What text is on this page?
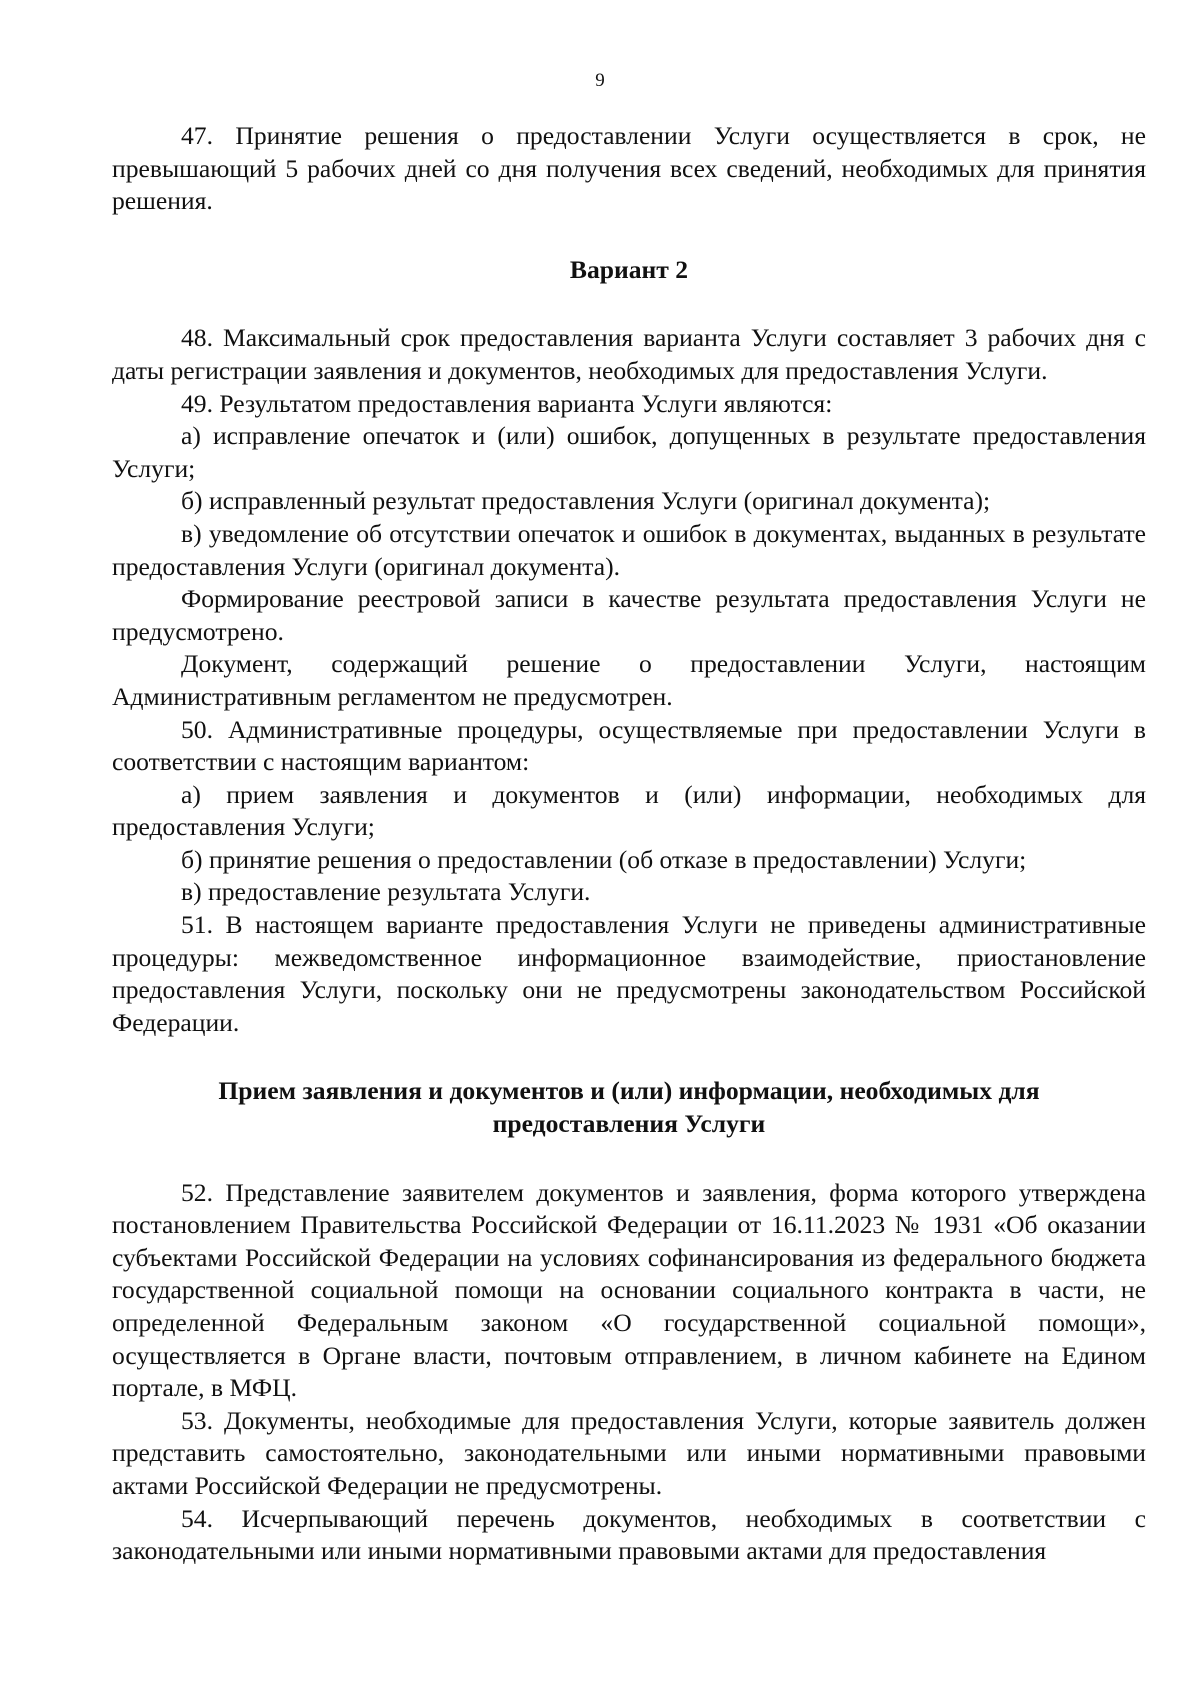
9

47. Принятие решения о предоставлении Услуги осуществляется в срок, не превышающий 5 рабочих дней со дня получения всех сведений, необходимых для принятия решения.

Вариант 2

48. Максимальный срок предоставления варианта Услуги составляет 3 рабочих дня с даты регистрации заявления и документов, необходимых для предоставления Услуги.

49. Результатом предоставления варианта Услуги являются:

а) исправление опечаток и (или) ошибок, допущенных в результате предоставления Услуги;

б) исправленный результат предоставления Услуги (оригинал документа);

в) уведомление об отсутствии опечаток и ошибок в документах, выданных в результате предоставления Услуги (оригинал документа).

Формирование реестровой записи в качестве результата предоставления Услуги не предусмотрено.

Документ, содержащий решение о предоставлении Услуги, настоящим Административным регламентом не предусмотрен.

50. Административные процедуры, осуществляемые при предоставлении Услуги в соответствии с настоящим вариантом:

а) прием заявления и документов и (или) информации, необходимых для предоставления Услуги;

б) принятие решения о предоставлении (об отказе в предоставлении) Услуги;

в) предоставление результата Услуги.

51. В настоящем варианте предоставления Услуги не приведены административные процедуры: межведомственное информационное взаимодействие, приостановление предоставления Услуги, поскольку они не предусмотрены законодательством Российской Федерации.

Прием заявления и документов и (или) информации, необходимых для предоставления Услуги

52. Представление заявителем документов и заявления, форма которого утверждена постановлением Правительства Российской Федерации от 16.11.2023 № 1931 «Об оказании субъектами Российской Федерации на условиях софинансирования из федерального бюджета государственной социальной помощи на основании социального контракта в части, не определенной Федеральным законом «О государственной социальной помощи», осуществляется в Органе власти, почтовым отправлением, в личном кабинете на Едином портале, в МФЦ.

53. Документы, необходимые для предоставления Услуги, которые заявитель должен представить самостоятельно, законодательными или иными нормативными правовыми актами Российской Федерации не предусмотрены.

54. Исчерпывающий перечень документов, необходимых в соответствии с законодательными или иными нормативными правовыми актами для предоставления
